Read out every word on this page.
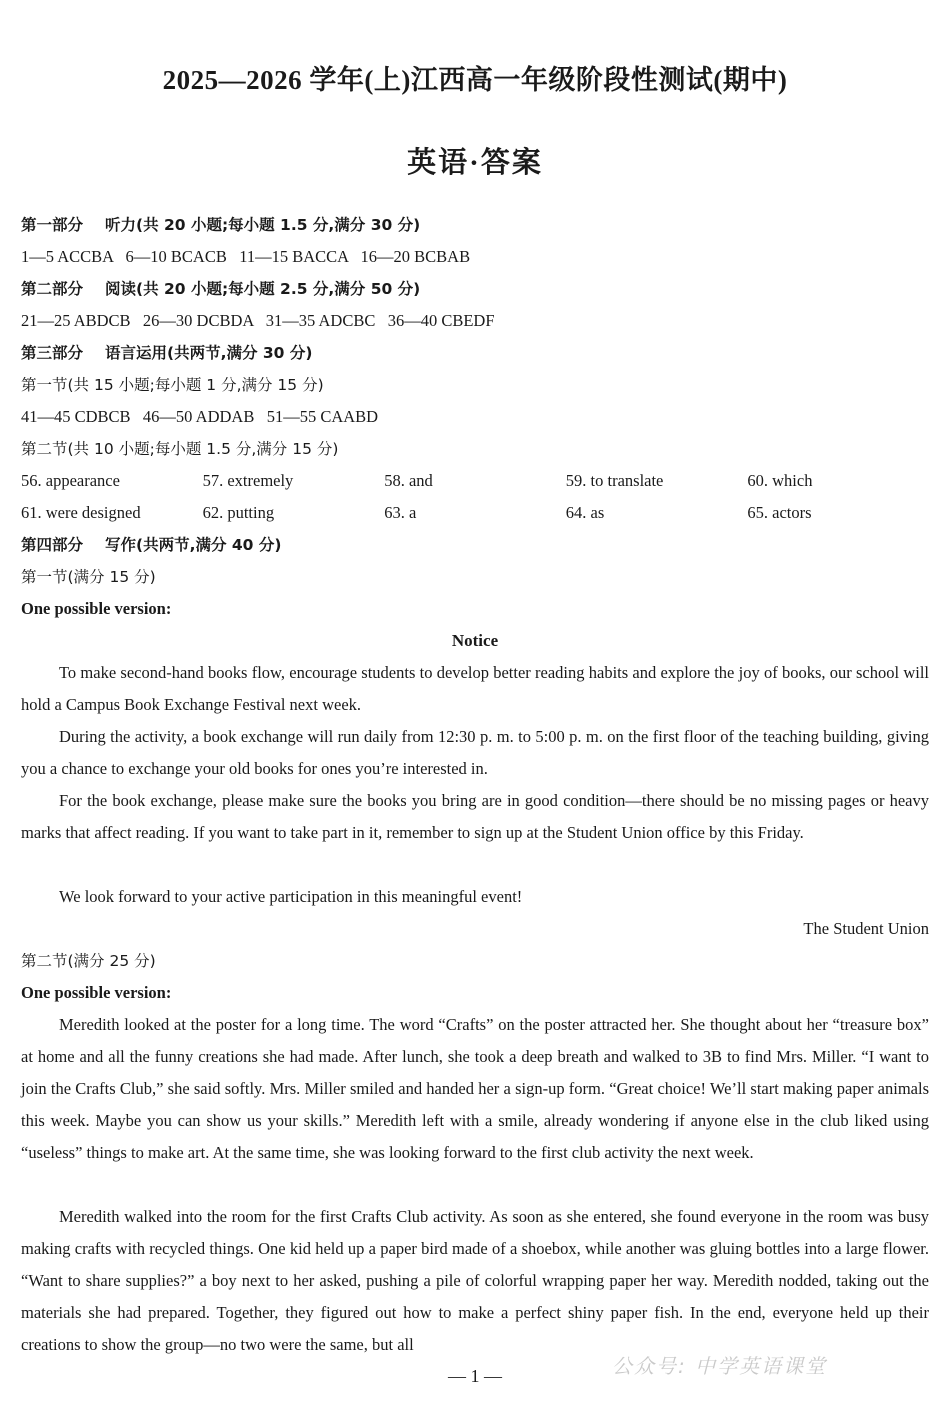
2025—2026 学年(上)江西高一年级阶段性测试(期中)
英语·答案
第一部分 听力(共 20 小题;每小题 1.5 分,满分 30 分)
1—5 ACCBA   6—10 BCACB   11—15 BACCA   16—20 BCBAB
第二部分 阅读(共 20 小题;每小题 2.5 分,满分 50 分)
21—25 ABDCB   26—30 DCBDA   31—35 ADCBC   36—40 CBEDF
第三部分 语言运用(共两节,满分 30 分)
第一节(共 15 小题;每小题 1 分,满分 15 分)
41—45 CDBCB   46—50 ADDAB   51—55 CAABD
第二节(共 10 小题;每小题 1.5 分,满分 15 分)
56. appearance	57. extremely	58. and	59. to translate	60. which
61. were designed	62. putting	63. a	64. as	65. actors
第四部分 写作(共两节,满分 40 分)
第一节(满分 15 分)
One possible version:
Notice
To make second-hand books flow, encourage students to develop better reading habits and explore the joy of books, our school will hold a Campus Book Exchange Festival next week.
During the activity, a book exchange will run daily from 12:30 p. m. to 5:00 p. m. on the first floor of the teaching building, giving you a chance to exchange your old books for ones you’re interested in.
For the book exchange, please make sure the books you bring are in good condition—there should be no missing pages or heavy marks that affect reading. If you want to take part in it, remember to sign up at the Student Union office by this Friday.
We look forward to your active participation in this meaningful event!
The Student Union
第二节(满分 25 分)
One possible version:
Meredith looked at the poster for a long time. The word “Crafts” on the poster attracted her. She thought about her “treasure box” at home and all the funny creations she had made. After lunch, she took a deep breath and walked to 3B to find Mrs. Miller. “I want to join the Crafts Club,” she said softly. Mrs. Miller smiled and handed her a sign-up form. “Great choice! We’ll start making paper animals this week. Maybe you can show us your skills.” Meredith left with a smile, already wondering if anyone else in the club liked using “useless” things to make art. At the same time, she was looking forward to the first club activity the next week.
Meredith walked into the room for the first Crafts Club activity. As soon as she entered, she found everyone in the room was busy making crafts with recycled things. One kid held up a paper bird made of a shoebox, while another was gluing bottles into a large flower. “Want to share supplies?” a boy next to her asked, pushing a pile of colorful wrapping paper her way. Meredith nodded, taking out the materials she had prepared. Together, they figured out how to make a perfect shiny paper fish. In the end, everyone held up their creations to show the group—no two were the same, but all
— 1 —	公众号: 中学英语课堂
